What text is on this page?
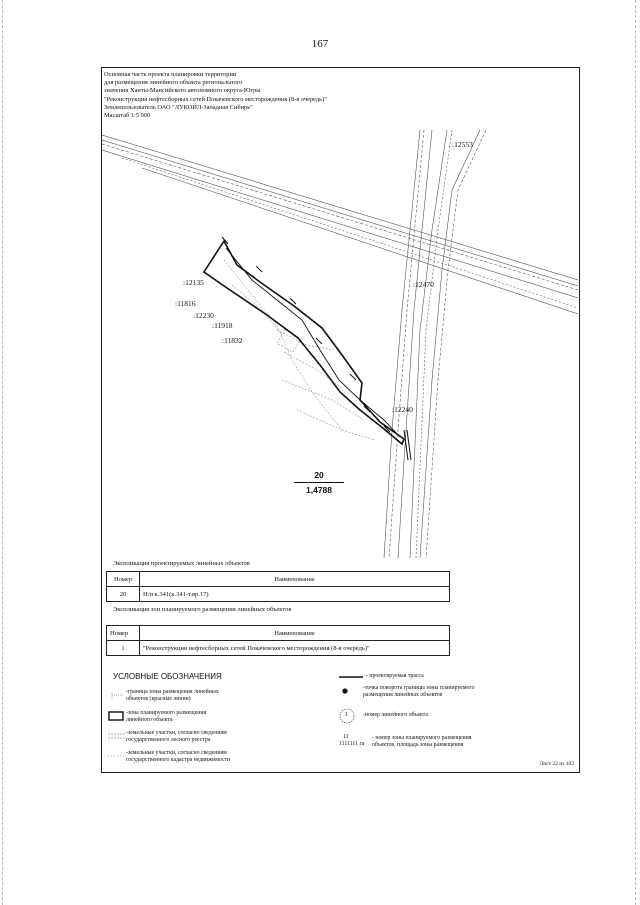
167
Основная часть проекта планировки территории
для размещения линейного объекта регионального
значения Ханты-Мансийского автономного округа-Югры
"Реконструкция нефтесборных сетей Покачевского месторождения (8-я очередь)"
Землепользователь ОАО "ЛУКОЙЛ-Западная Сибирь"
Масштаб 1:5 000
:12553
:12470
:12135
:11816
:12230
:11918
:11832
:12240
20
1,4788
Экспликация проектируемых линейных объектов
Номер	Наименование
20	Н/п к.341(к.341-т.вр.17)
Экспликация зон планируемого размещения линейных объектов
Номер	Наименование
1	"Реконструкция нефтесборных сетей Покачевского месторождения (8-я очередь)"
УСЛОВНЫЕ ОБОЗНАЧЕНИЯ
-граница зоны размещения линейных
объектов (красные линии)
-зона планируемого размещения
линейного объекта
-земельные участки, согласно сведениям
государственного лесного реестра
-земельные участки, согласно сведениям
государственного кадастра недвижимости
- проектируемая трасса
-точка поворота границы зоны планируемого
размещения линейных объектов
1	-номер линейного объекта
11
1111111 га
- номер зоны планируемого размещения
объектов, площадь зоны размещения
Лист 22 из 102
